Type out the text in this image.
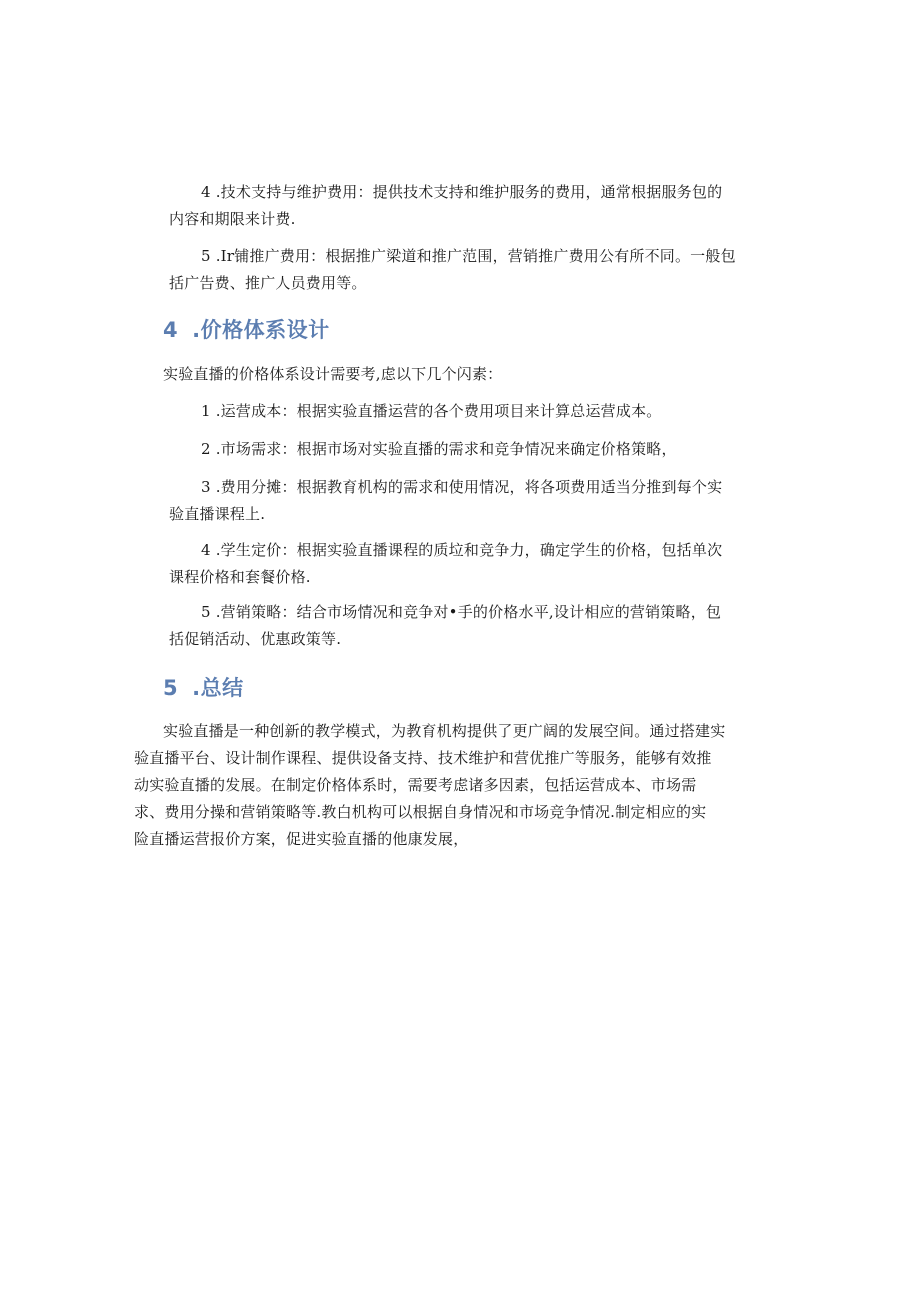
4 .技术支持与维护费用：提供技术支持和维护服务的费用，通常根据服务包的
内容和期限来计费.

5 .Ir铺推广费用：根据推广梁道和推广范围，营销推广费用公有所不同。一般包
括广告费、推广人员费用等。

4 .价格体系设计

实验直播的价格体系设计需要考,虑以下几个闪素：

1 .运营成本：根据实验直播运营的各个费用项目来计算总运营成本。

2 .市场需求：根据市场对实验直播的需求和竞争情况来确定价格策略，

3 .费用分摊：根据教育机构的需求和使用情况，将各项费用适当分推到每个实
验直播课程上.

4 .学生定价：根据实验直播课程的质垃和竞争力，确定学生的价格，包括单次
课程价格和套餐价格.

5 .营销策略：结合市场情况和竞争对•手的价格水平,设计相应的营销策略，包
括促销活动、优惠政策等.

5 .总结

实验直播是一种创新的教学模式，为教育机构提供了更广阔的发展空间。通过搭建实
验直播平台、设计制作课程、提供设备支持、技术维护和营优推广等服务，能够有效推
动实验直播的发展。在制定价格体系时，需要考虑诸多因素，包括运营成本、市场需
求、费用分操和营销策略等.教白机构可以根据自身情况和市场竞争情况.制定相应的实
险直播运营报价方案，促进实验直播的他康发展，
